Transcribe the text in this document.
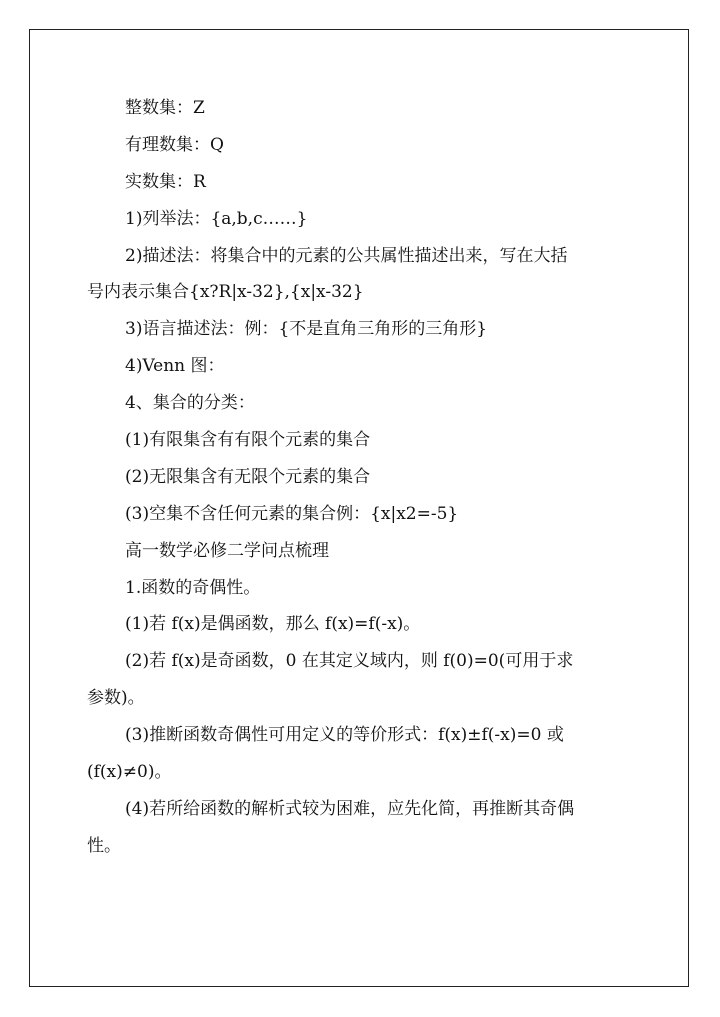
整数集：Z
有理数集：Q
实数集：R
1)列举法：{a,b,c……}
2)描述法：将集合中的元素的公共属性描述出来，写在大括
号内表示集合{x?R|x-32},{x|x-32}
3)语言描述法：例：{不是直角三角形的三角形}
4)Venn 图：
4、集合的分类：
(1)有限集含有有限个元素的集合
(2)无限集含有无限个元素的集合
(3)空集不含任何元素的集合例：{x|x2=-5}
高一数学必修二学问点梳理
1.函数的奇偶性。
(1)若 f(x)是偶函数，那么 f(x)=f(-x)。
(2)若 f(x)是奇函数，0 在其定义域内，则 f(0)=0(可用于求
参数)。
(3)推断函数奇偶性可用定义的等价形式：f(x)±f(-x)=0 或
(f(x)≠0)。
(4)若所给函数的解析式较为困难，应先化简，再推断其奇偶
性。
